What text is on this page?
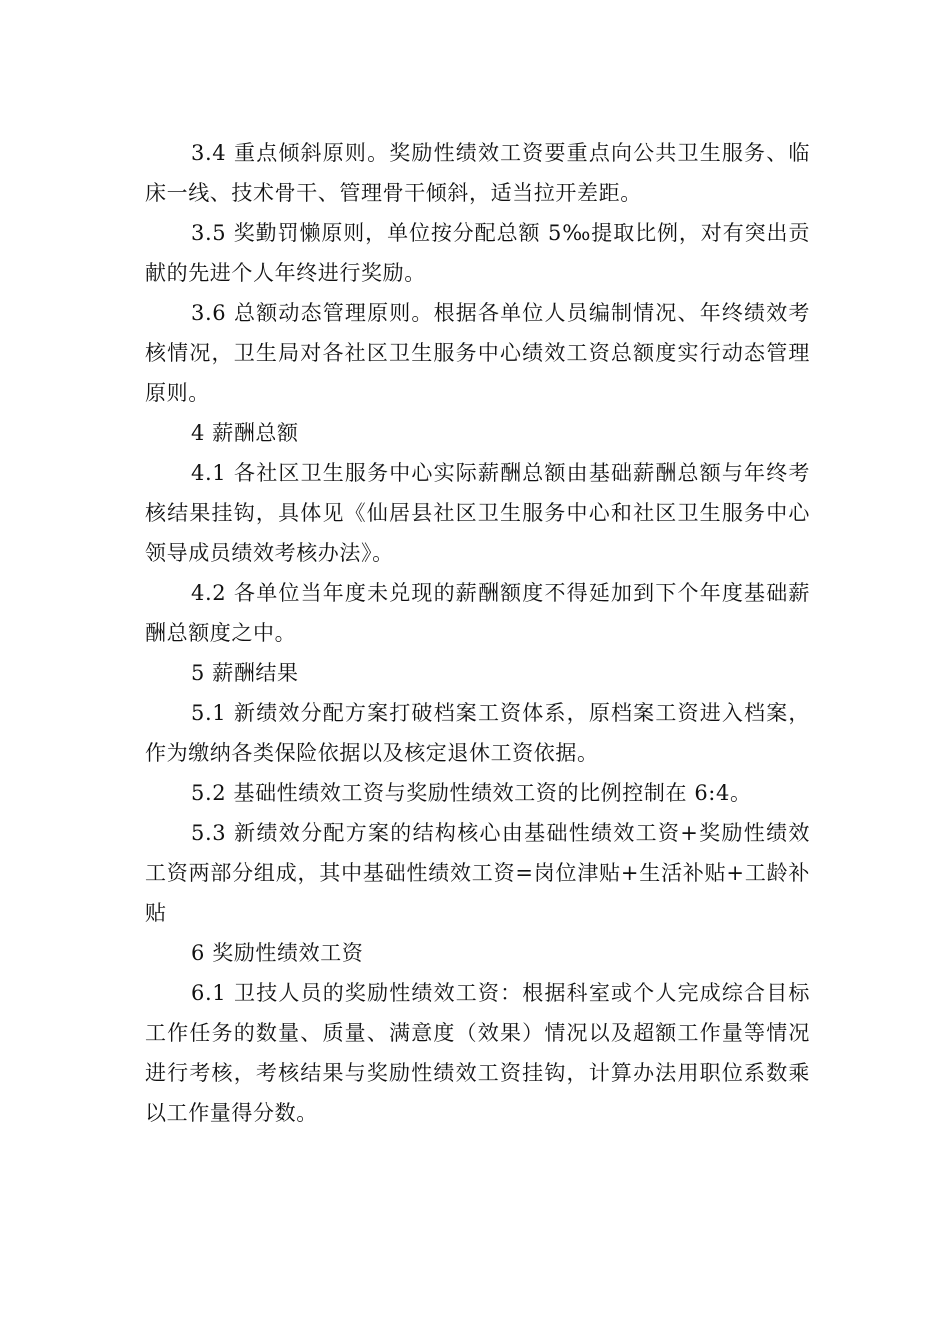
3.4 重点倾斜原则。奖励性绩效工资要重点向公共卫生服务、临床一线、技术骨干、管理骨干倾斜，适当拉开差距。

3.5 奖勤罚懒原则，单位按分配总额 5‰提取比例，对有突出贡献的先进个人年终进行奖励。

3.6 总额动态管理原则。根据各单位人员编制情况、年终绩效考核情况，卫生局对各社区卫生服务中心绩效工资总额度实行动态管理原则。

4 薪酬总额

4.1 各社区卫生服务中心实际薪酬总额由基础薪酬总额与年终考核结果挂钩，具体见《仙居县社区卫生服务中心和社区卫生服务中心领导成员绩效考核办法》。

4.2 各单位当年度未兑现的薪酬额度不得延加到下个年度基础薪酬总额度之中。

5 薪酬结果

5.1 新绩效分配方案打破档案工资体系，原档案工资进入档案，作为缴纳各类保险依据以及核定退休工资依据。

5.2 基础性绩效工资与奖励性绩效工资的比例控制在 6:4。

5.3 新绩效分配方案的结构核心由基础性绩效工资+奖励性绩效工资两部分组成，其中基础性绩效工资=岗位津贴+生活补贴+工龄补贴

6 奖励性绩效工资

6.1 卫技人员的奖励性绩效工资：根据科室或个人完成综合目标工作任务的数量、质量、满意度（效果）情况以及超额工作量等情况进行考核，考核结果与奖励性绩效工资挂钩，计算办法用职位系数乘以工作量得分数。
